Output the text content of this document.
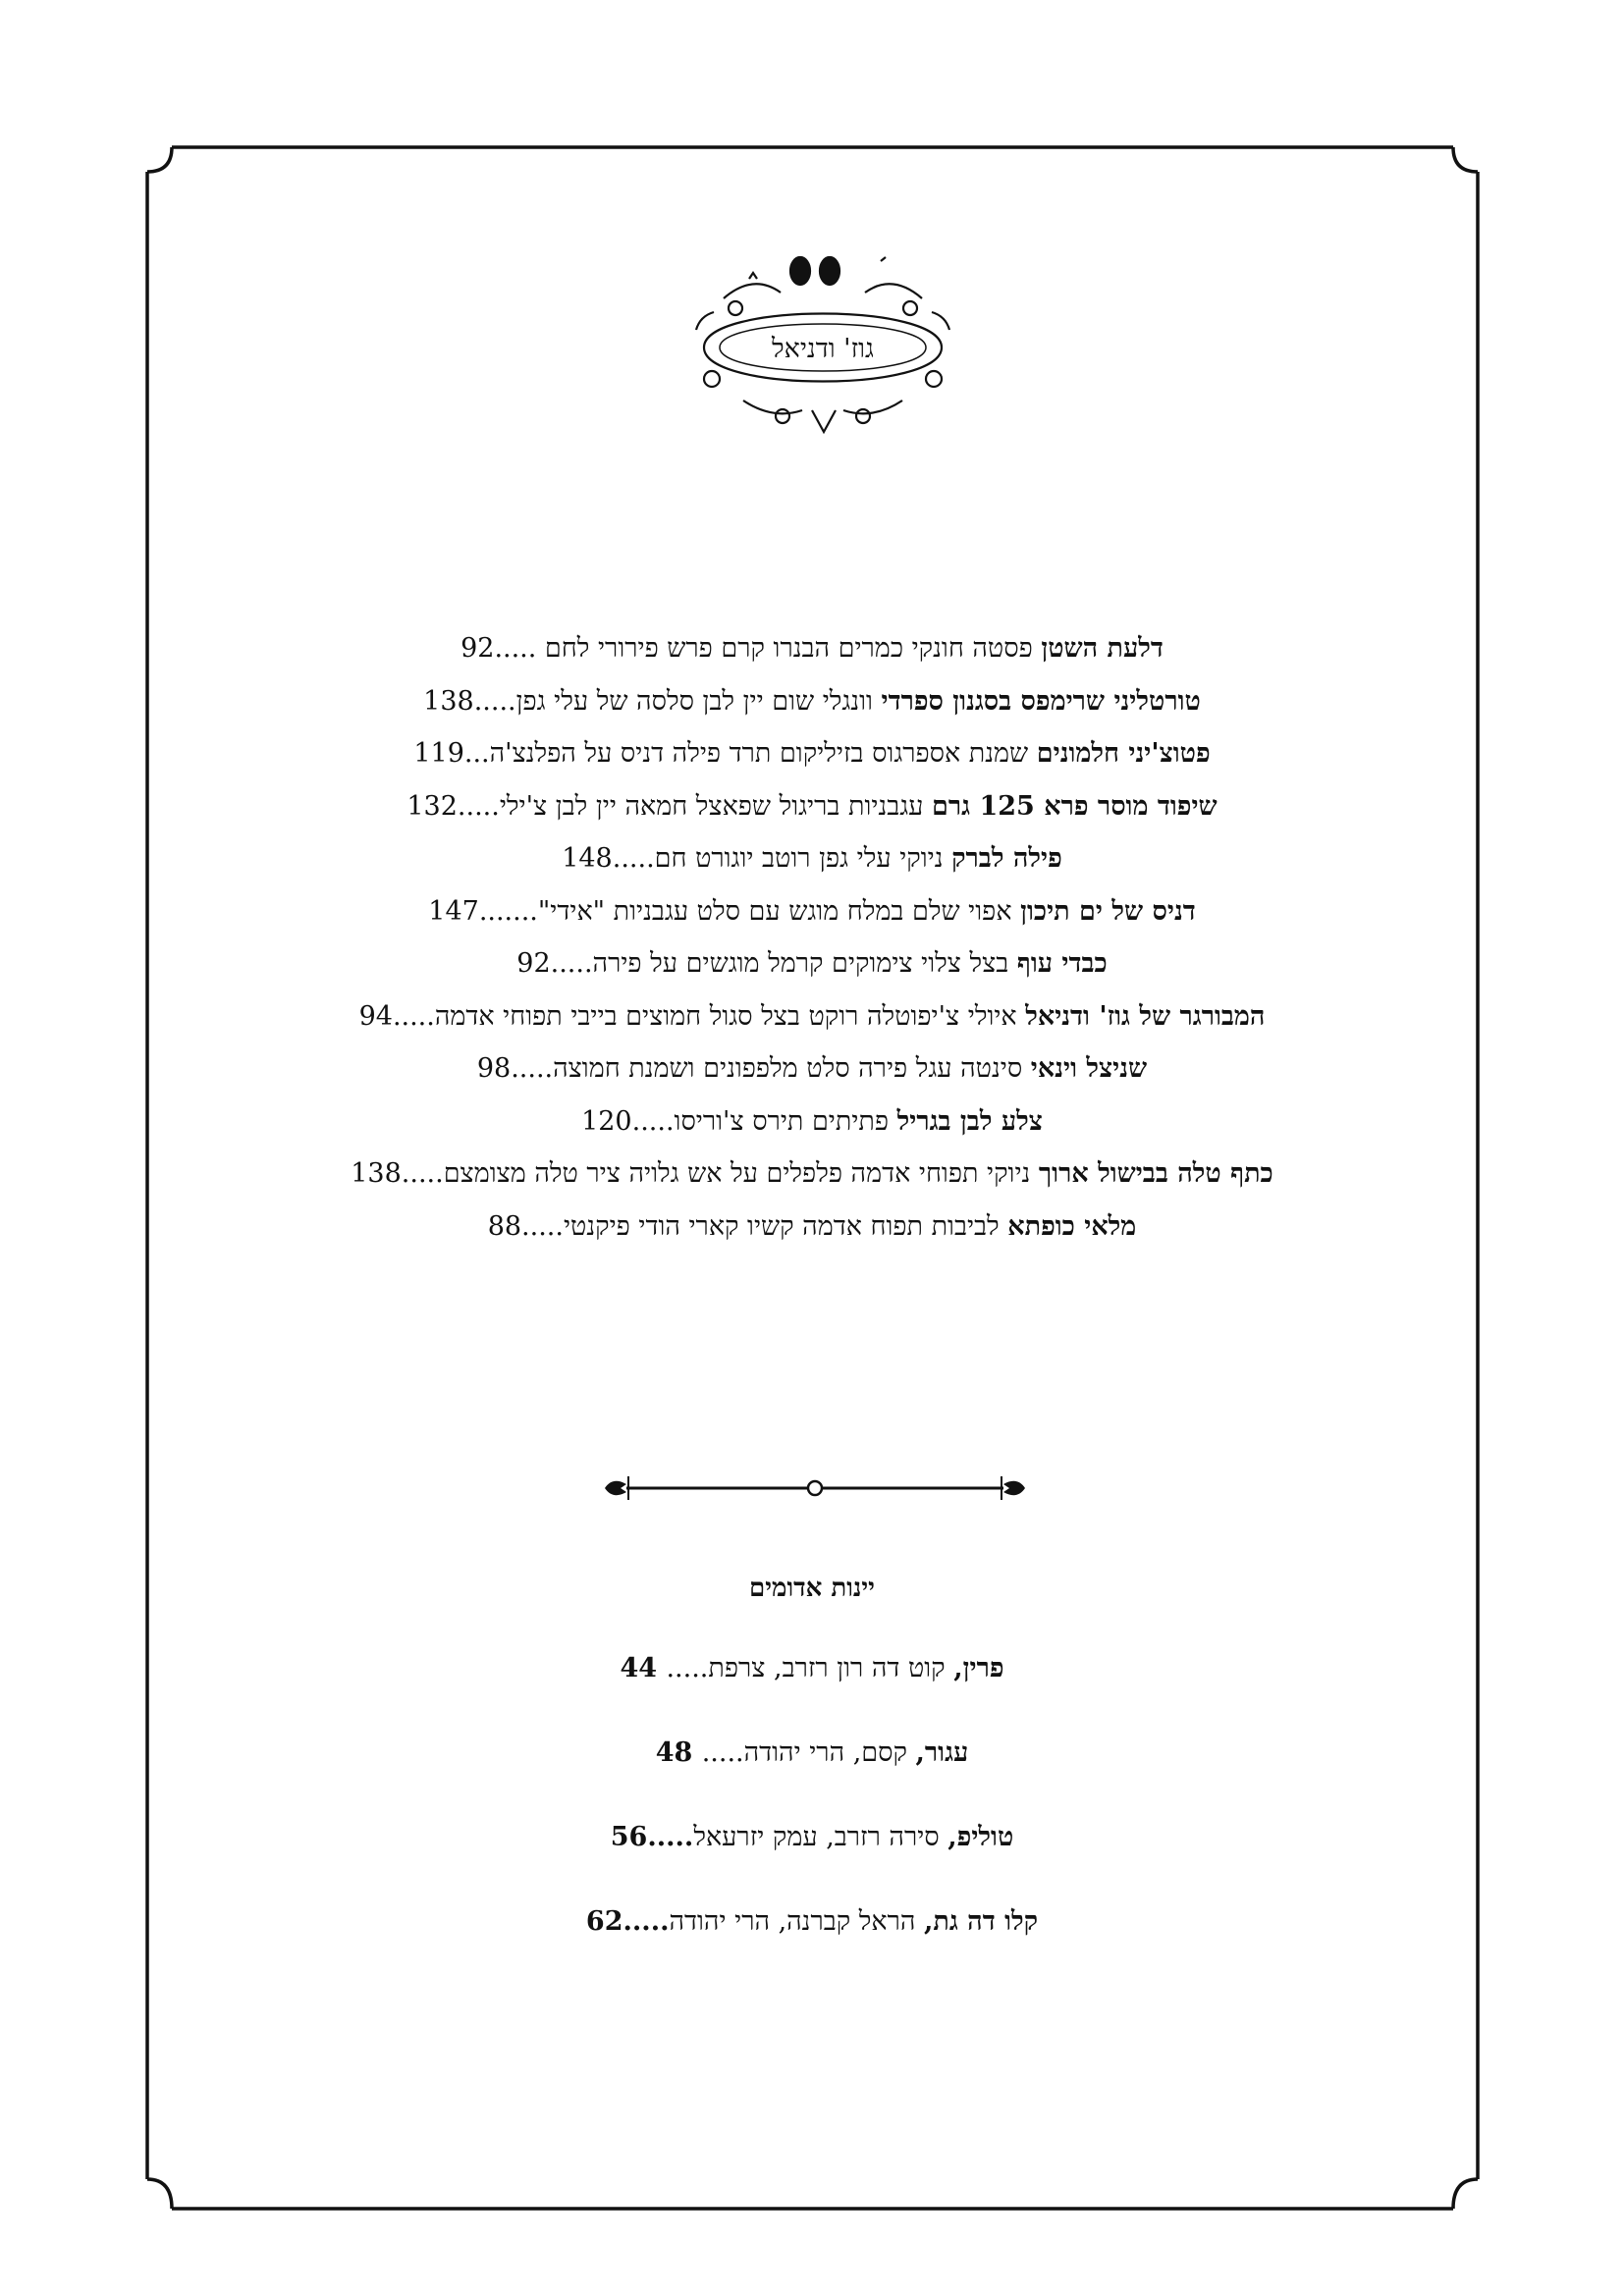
גוז' ודניאל
דלעת השטן פסטה חונקי כמרים הבנרו קרם פרש פירורי לחם .....92
טורטליני שרימפס בסגנון ספרדי וונגלי שום יין לבן סלסה של עלי גפן.....138
פטוצ'יני חלמונים שמנת אספרגוס בזיליקום תרד פילה דניס על הפלנצ'ה...119
שיפוד מוסר פרא 125 גרם עגבניות בריגול שפאצל חמאה יין לבן צ'ילי.....132
פילה לברק ניוקי עלי גפן רוטב יוגורט חם.....148
דניס של ים תיכון אפוי שלם במלח מוגש עם סלט עגבניות "אידי".......147
כבדי עוף בצל צלוי צימוקים קרמל מוגשים על פירה.....92
המבורגר של גוז' ודניאל איולי צ'יפוטלה רוקט בצל סגול חמוצים בייבי תפוחי אדמה.....94
שניצל וינאי סינטה עגל פירה סלט מלפפונים ושמנת חמוצה.....98
צלע לבן בגריל פתיתים תירס צ'וריסו.....120
כתף טלה בבישול ארוך ניוקי תפוחי אדמה פלפלים על אש גלויה ציר טלה מצומצם.....138
מלאי כופתא לביבות תפוח אדמה קשיו קארי הודי פיקנטי.....88
יינות אדומים
פרין, קוט דה רון רזרב, צרפת..... 44
עגור, קסם, הרי יהודה..... 48
טוליפ, סירה רזרב, עמק יזרעאל.....56
קלו דה גת, הראל קברנה, הרי יהודה.....62
